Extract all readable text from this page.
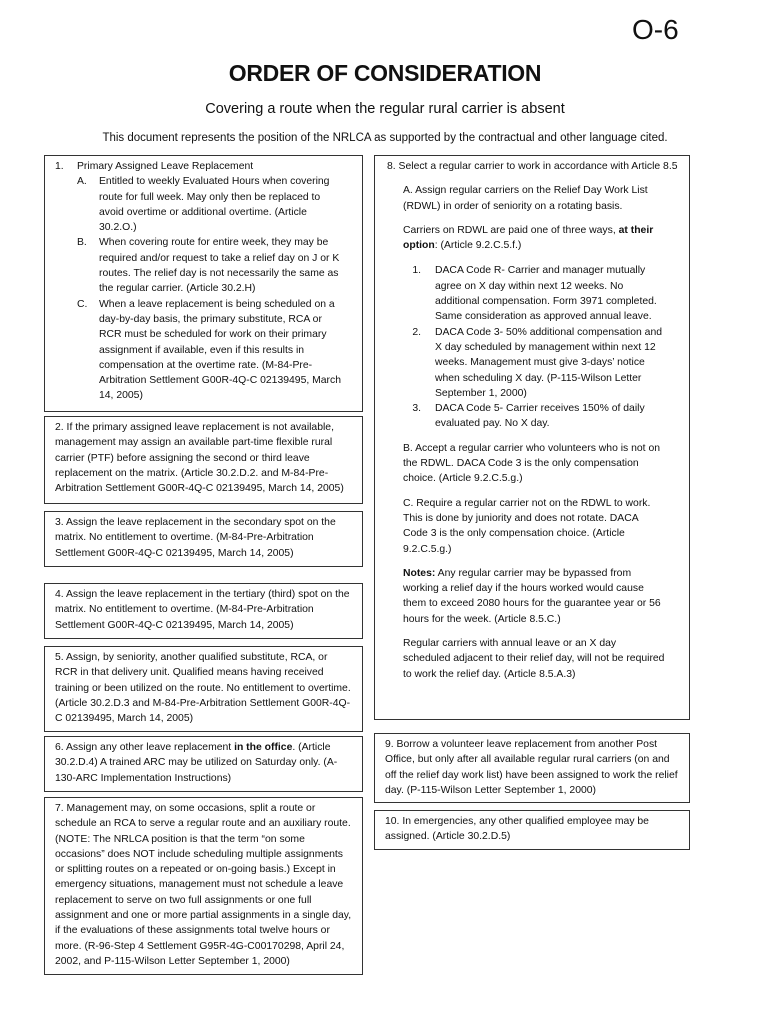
O-6
ORDER OF CONSIDERATION
Covering a route when the regular rural carrier is absent
This document represents the position of the NRLCA as supported by the contractual and other language cited.
1.	Primary Assigned Leave Replacement
A.	Entitled to weekly Evaluated Hours when covering route for full week. May only then be replaced to avoid overtime or additional overtime. (Article 30.2.O.)
B.	When covering route for entire week, they may be required and/or request to take a relief day on J or K routes. The relief day is not necessarily the same as the regular carrier. (Article 30.2.H)
C.	When a leave replacement is being scheduled on a day-by-day basis, the primary substitute, RCA or RCR must be scheduled for work on their primary assignment if available, even if this results in compensation at the overtime rate. (M-84-Pre-Arbitration Settlement G00R-4Q-C 02139495, March 14, 2005)

2. If the primary assigned leave replacement is not available, management may assign an available part-time flexible rural carrier (PTF) before assigning the second or third leave replacement on the matrix. (Article 30.2.D.2. and M-84-Pre-Arbitration Settlement G00R-4Q-C 02139495, March 14, 2005)

3. Assign the leave replacement in the secondary spot on the matrix. No entitlement to overtime. (M-84-Pre-Arbitration Settlement G00R-4Q-C 02139495, March 14, 2005)

4. Assign the leave replacement in the tertiary (third) spot on the matrix. No entitlement to overtime. (M-84-Pre-Arbitration Settlement G00R-4Q-C 02139495, March 14, 2005)

5. Assign, by seniority, another qualified substitute, RCA, or RCR in that delivery unit. Qualified means having received training or been utilized on the route. No entitlement to overtime. (Article 30.2.D.3 and M-84-Pre-Arbitration Settlement G00R-4Q-C 02139495, March 14, 2005)

6. Assign any other leave replacement in the office. (Article 30.2.D.4) A trained ARC may be utilized on Saturday only. (A-130-ARC Implementation Instructions)

7. Management may, on some occasions, split a route or schedule an RCA to serve a regular route and an auxiliary route. (NOTE: The NRLCA position is that the term “on some occasions” does NOT include scheduling multiple assignments or splitting routes on a repeated or on-going basis.) Except in emergency situations, management must not schedule a leave replacement to serve on two full assignments or one full assignment and one or more partial assignments in a single day, if the evaluations of these assignments total twelve hours or more. (R-96-Step 4 Settlement G95R-4G-C00170298, April 24, 2002, and P-115-Wilson Letter September 1, 2000)

8. Select a regular carrier to work in accordance with Article 8.5

A. Assign regular carriers on the Relief Day Work List (RDWL) in order of seniority on a rotating basis.

Carriers on RDWL are paid one of three ways, at their option: (Article 9.2.C.5.f.)

1.	DACA Code R- Carrier and manager mutually agree on X day within next 12 weeks. No additional compensation. Form 3971 completed. Same consideration as approved annual leave.
2.	DACA Code 3- 50% additional compensation and X day scheduled by management within next 12 weeks. Management must give 3-days’ notice when scheduling X day. (P-115-Wilson Letter September 1, 2000)
3.	DACA Code 5- Carrier receives 150% of daily evaluated pay. No X day.

B. Accept a regular carrier who volunteers who is not on the RDWL. DACA Code 3 is the only compensation choice. (Article 9.2.C.5.g.)

C. Require a regular carrier not on the RDWL to work. This is done by juniority and does not rotate. DACA Code 3 is the only compensation choice. (Article 9.2.C.5.g.)

Notes: Any regular carrier may be bypassed from working a relief day if the hours worked would cause them to exceed 2080 hours for the guarantee year or 56 hours for the week. (Article 8.5.C.)

Regular carriers with annual leave or an X day scheduled adjacent to their relief day, will not be required to work the relief day. (Article 8.5.A.3)

9. Borrow a volunteer leave replacement from another Post Office, but only after all available regular rural carriers (on and off the relief day work list) have been assigned to work the relief day. (P-115-Wilson Letter September 1, 2000)

10. In emergencies, any other qualified employee may be assigned. (Article 30.2.D.5)
